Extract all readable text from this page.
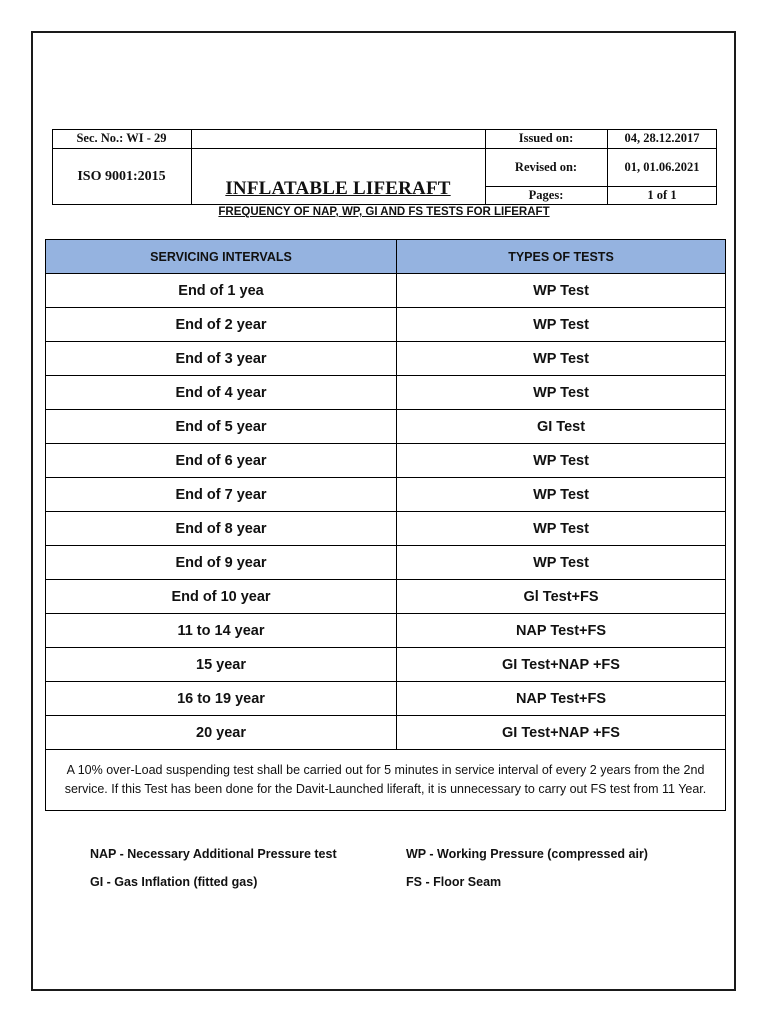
Sec. No.: WI - 29
ISO 9001:2015
Issued on:	04, 28.12.2017
Revised on:	01, 01.06.2021
Pages:	1 of 1
INFLATABLE LIFERAFT
FREQUENCY OF NAP, WP, GI AND FS TESTS FOR LIFERAFT
SERVICING INTERVALS	TYPES OF TESTS
End of 1 yea	WP Test
End of 2 year	WP Test
End of 3 year	WP Test
End of 4 year	WP Test
End of 5 year	GI Test
End of 6 year	WP Test
End of 7 year	WP Test
End of 8 year	WP Test
End of 9 year	WP Test
End of 10 year	Gl Test+FS
11 to 14 year	NAP Test+FS
15 year	GI Test+NAP +FS
16 to 19 year	NAP Test+FS
20 year	GI Test+NAP +FS
A 10% over-Load suspending test shall be carried out for 5 minutes in service interval of every 2 years from the 2nd service. If this Test has been done for the Davit-Launched liferaft, it is unnecessary to carry out FS test from 11 Year.	
NAP - Necessary Additional Pressure test	WP - Working Pressure (compressed air)
GI - Gas Inflation (fitted gas)	FS - Floor Seam
